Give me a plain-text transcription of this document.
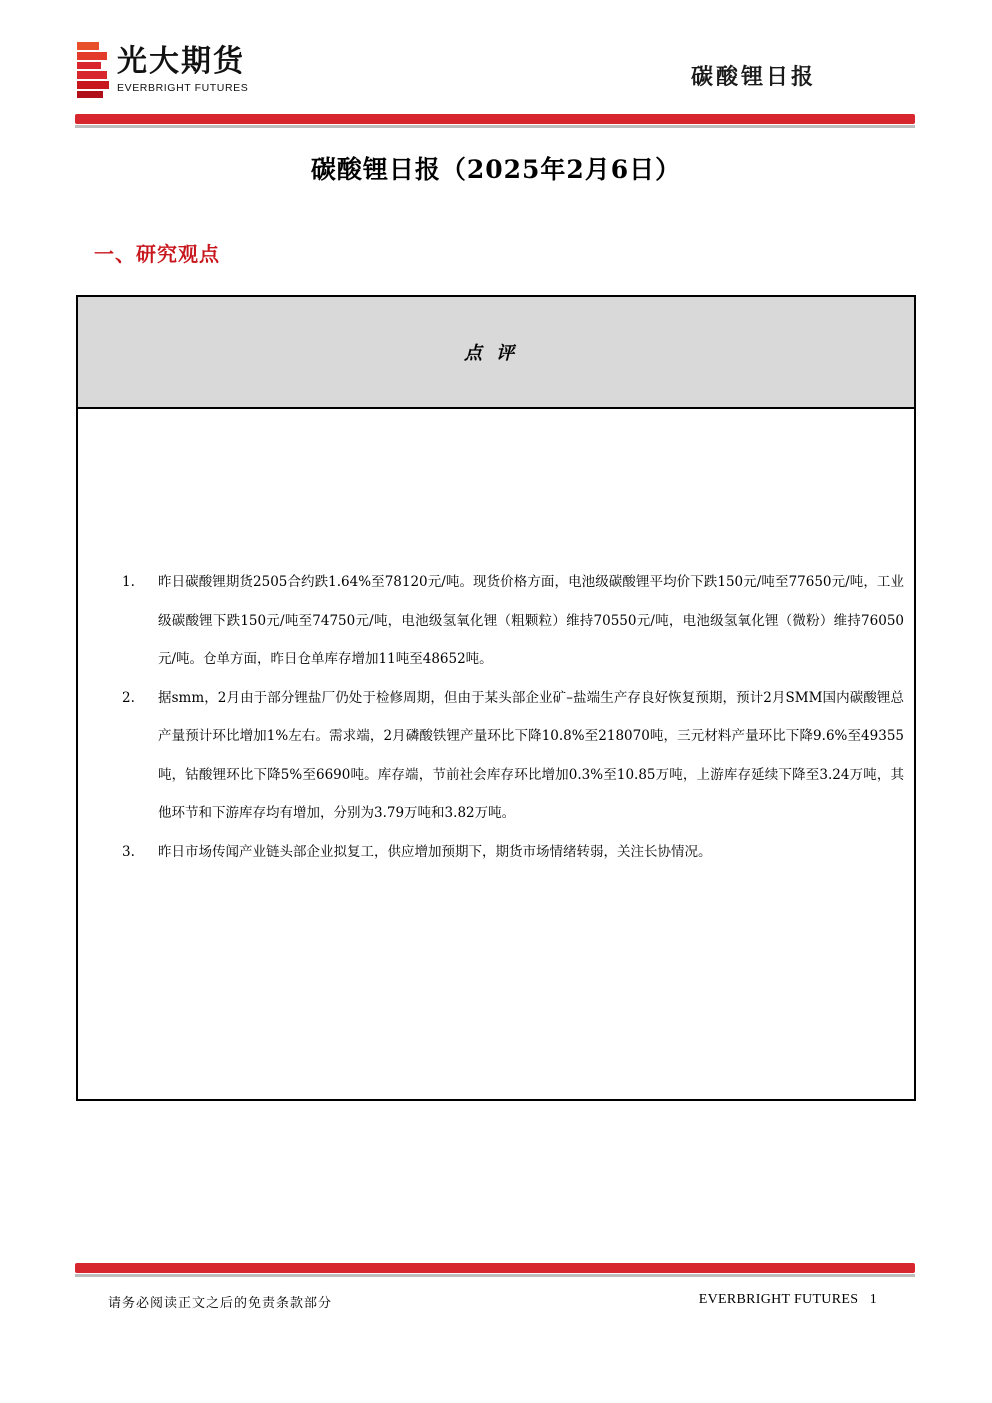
光大期货
EVERBRIGHT FUTURES	碳酸锂日报
碳酸锂日报（2025年2月6日）
一、研究观点
点评
1. 昨日碳酸锂期货2505合约跌1.64%至78120元/吨。现货价格方面，电池级碳酸锂平均价下跌150元/吨至77650元/吨，工业级碳酸锂下跌150元/吨至74750元/吨，电池级氢氧化锂（粗颗粒）维持70550元/吨，电池级氢氧化锂（微粉）维持76050元/吨。仓单方面，昨日仓单库存增加11吨至48652吨。
2. 据smm，2月由于部分锂盐厂仍处于检修周期，但由于某头部企业矿–盐端生产存良好恢复预期，预计2月SMM国内碳酸锂总产量预计环比增加1%左右。需求端，2月磷酸铁锂产量环比下降10.8%至218070吨，三元材料产量环比下降9.6%至49355吨，钴酸锂环比下降5%至6690吨。库存端，节前社会库存环比增加0.3%至10.85万吨，上游库存延续下降至3.24万吨，其他环节和下游库存均有增加，分别为3.79万吨和3.82万吨。
3. 昨日市场传闻产业链头部企业拟复工，供应增加预期下，期货市场情绪转弱，关注长协情况。
请务必阅读正文之后的免责条款部分	EVERBRIGHT FUTURES 1
